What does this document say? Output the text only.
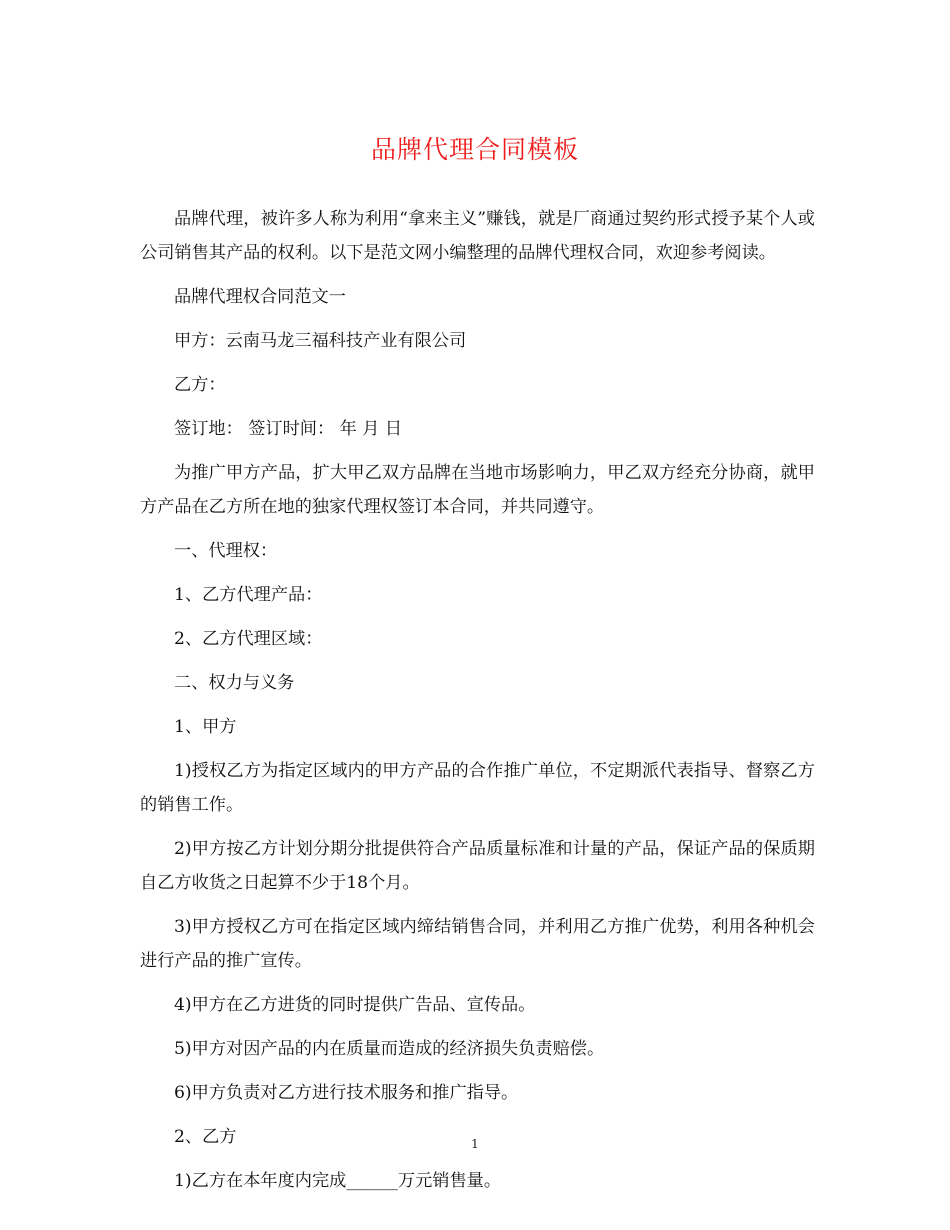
品牌代理合同模板

品牌代理，被许多人称为利用“拿来主义”赚钱，就是厂商通过契约形式授予某个人或公司销售其产品的权利。以下是范文网小编整理的品牌代理权合同，欢迎参考阅读。

品牌代理权合同范文一

甲方：云南马龙三福科技产业有限公司

乙方：

签订地： 签订时间： 年 月 日

为推广甲方产品，扩大甲乙双方品牌在当地市场影响力，甲乙双方经充分协商，就甲方产品在乙方所在地的独家代理权签订本合同，并共同遵守。

一、代理权：

1、乙方代理产品：

2、乙方代理区域：

二、权力与义务

1、甲方

1)授权乙方为指定区域内的甲方产品的合作推广单位，不定期派代表指导、督察乙方的销售工作。

2)甲方按乙方计划分期分批提供符合产品质量标准和计量的产品，保证产品的保质期自乙方收货之日起算不少于18个月。

3)甲方授权乙方可在指定区域内缔结销售合同，并利用乙方推广优势，利用各种机会进行产品的推广宣传。

4)甲方在乙方进货的同时提供广告品、宣传品。

5)甲方对因产品的内在质量而造成的经济损失负责赔偿。

6)甲方负责对乙方进行技术服务和推广指导。

2、乙方

1)乙方在本年度内完成______万元销售量。

1
